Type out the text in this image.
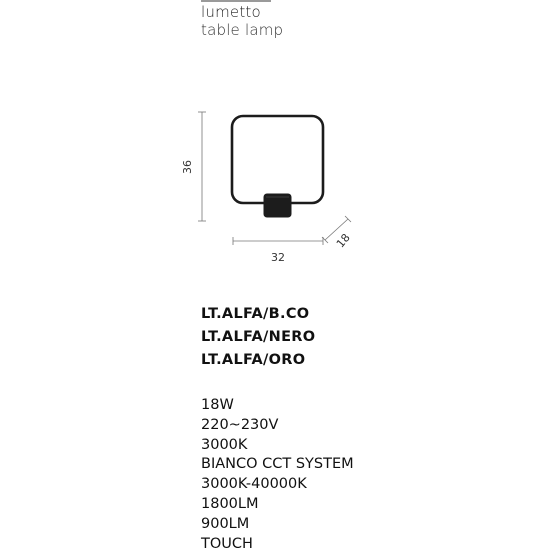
lumetto
table lamp
36
32
18
LT.ALFA/B.CO
LT.ALFA/NERO
LT.ALFA/ORO
18W
220~230V
3000K
BIANCO CCT SYSTEM
3000K-40000K
1800LM
900LM
TOUCH
